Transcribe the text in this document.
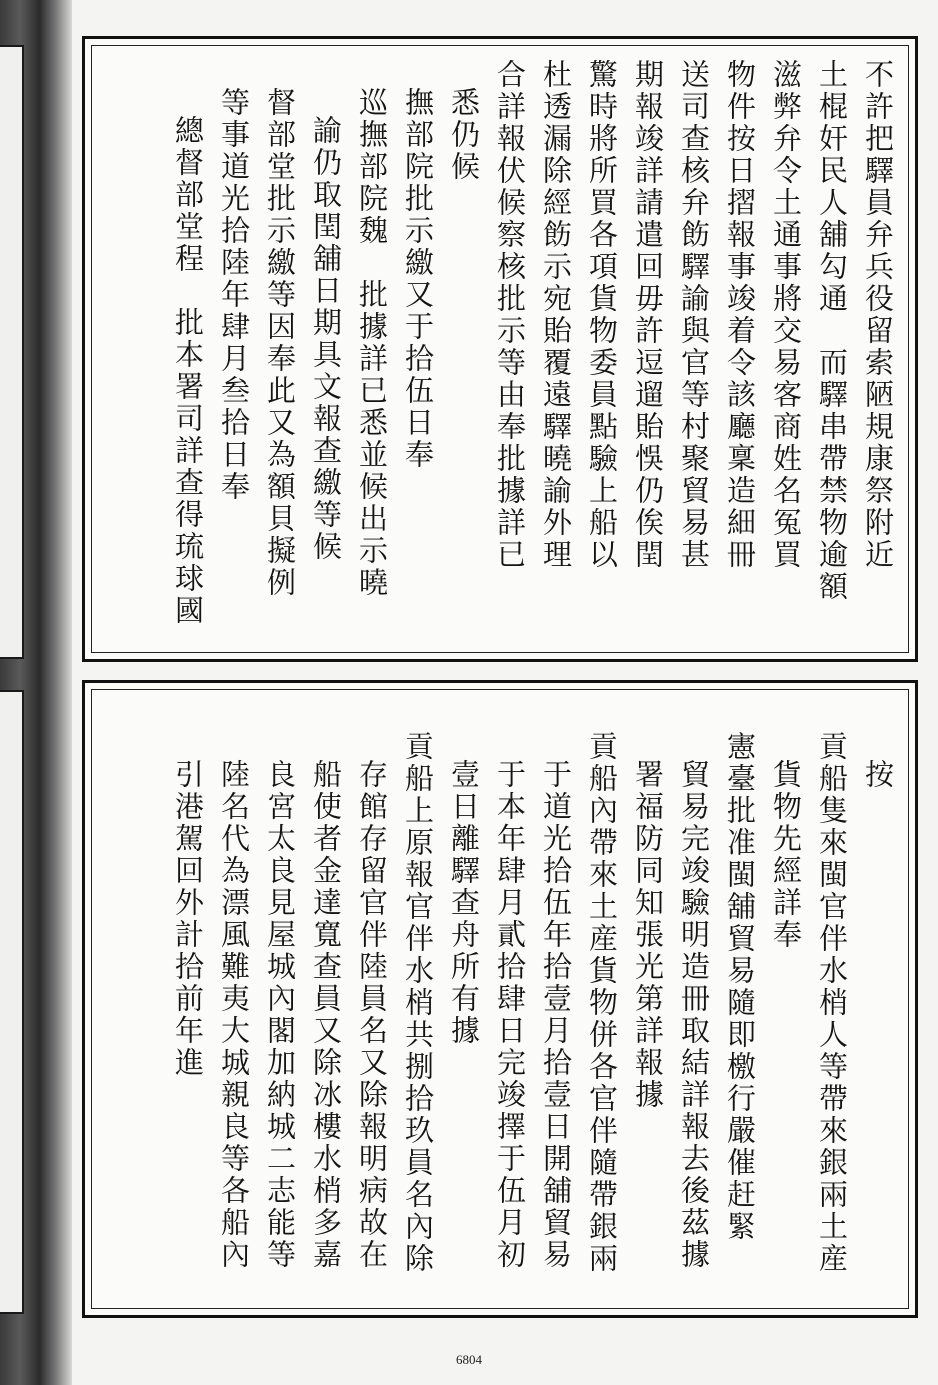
不許把驛員弁兵役留索陋規康祭附近
土棍奸民人舖勾通　而驛串帶禁物逾額
滋弊弁令土通事將交易客商姓名冤買
物件按日摺報事竣着令該廳稟造細冊
送司查核弁飭驛諭與官等村聚貿易甚
期報竣詳請遣回毋許逗遛貽悞仍俟閏
驚時將所買各項貨物委員點驗上船以
杜透漏除經飭示宛貽覆遠驛曉諭外理
合詳報伏候察核批示等由奉批據詳已
悉仍候
撫部院批示繳又于拾伍日奉
巡撫部院魏　批據詳已悉並候出示曉
諭仍取閏舖日期具文報查繳等候
督部堂批示繳等因奉此又為額貝擬例
等事道光拾陸年肆月叁拾日奉
總督部堂程　批本署司詳查得琉球國
按
貢船隻來閩官伴水梢人等帶來銀兩土産
貨物先經詳奉
憲臺批准閩舖貿易隨即檄行嚴催赶緊
貿易完竣驗明造冊取結詳報去後茲據
署福防同知張光第詳報據
貢船內帶來土産貨物併各官伴隨帶銀兩
于道光拾伍年拾壹月拾壹日開舖貿易
于本年肆月貳拾肆日完竣擇于伍月初
壹日離驛查舟所有據
貢船上原報官伴水梢共捌拾玖員名內除
存館存留官伴陸員名又除報明病故在
船使者金達寬查員又除冰樓水梢多嘉
良宮太良見屋城內閣加納城二志能等
陸名代為漂風難夷大城親良等各船內
引港駕回外計拾前年進
6804
